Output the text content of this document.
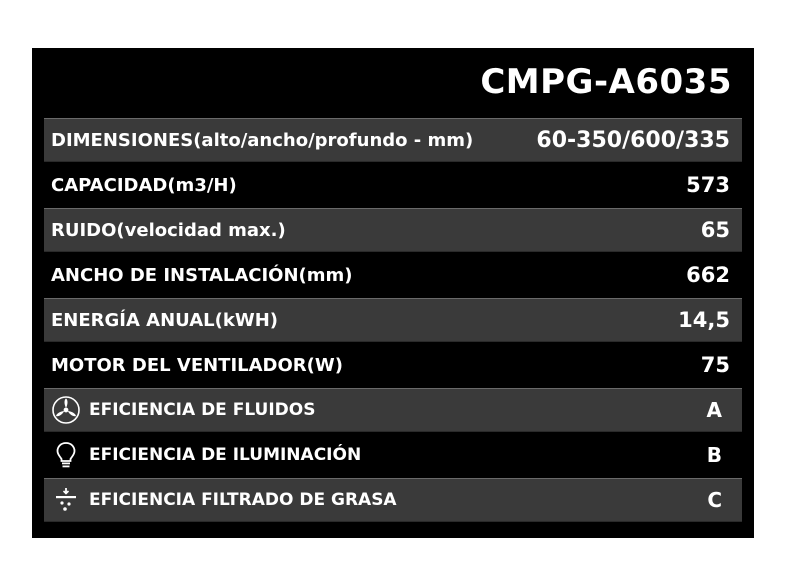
CMPG-A6035
DIMENSIONES(alto/ancho/profundo - mm)	60-350/600/335
CAPACIDAD(m3/H)	573
RUIDO(velocidad max.)	65
ANCHO DE INSTALACIÓN(mm)	662
ENERGÍA ANUAL(kWH)	14,5
MOTOR DEL VENTILADOR(W)	75
EFICIENCIA DE FLUIDOS	A
EFICIENCIA DE ILUMINACIÓN	B
EFICIENCIA FILTRADO DE GRASA	C
